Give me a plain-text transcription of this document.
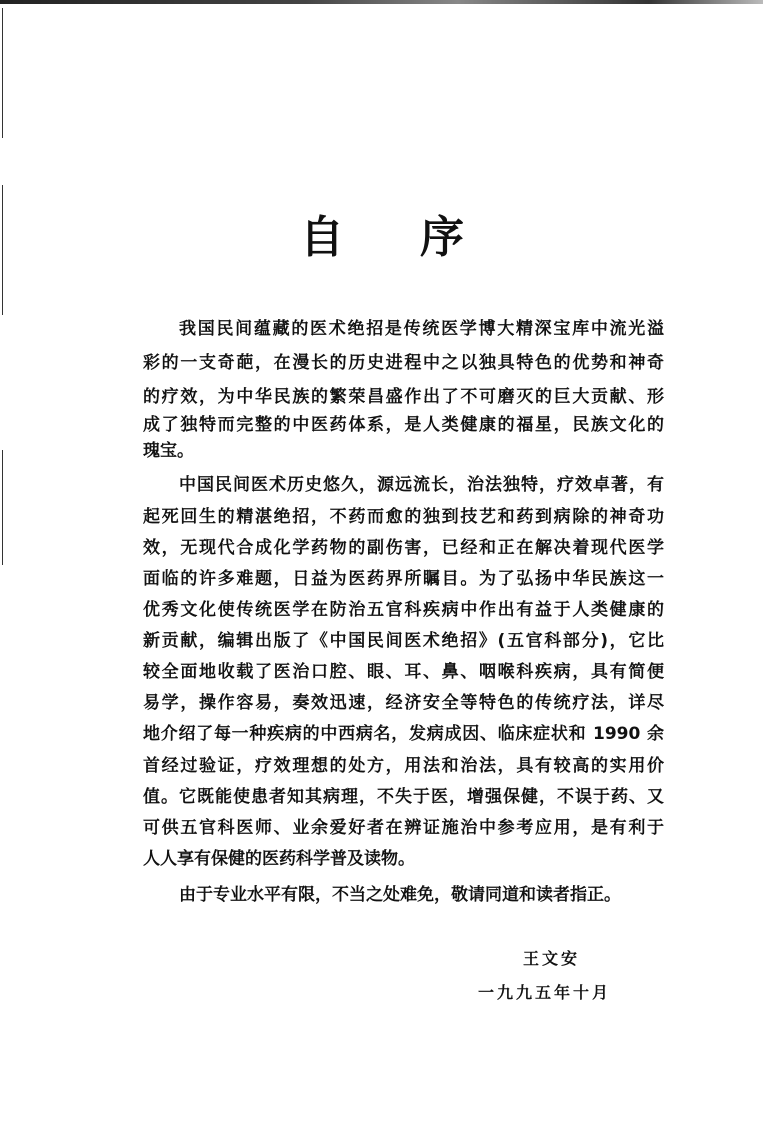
自 序
我国民间蕴藏的医术绝招是传统医学博大精深宝库中流光溢
彩的一支奇葩，在漫长的历史进程中之以独具特色的优势和神奇
的疗效，为中华民族的繁荣昌盛作出了不可磨灭的巨大贡献、形
成了独特而完整的中医药体系，是人类健康的福星，民族文化的
瑰宝。
中国民间医术历史悠久，源远流长，治法独特，疗效卓著，有
起死回生的精湛绝招，不药而愈的独到技艺和药到病除的神奇功
效，无现代合成化学药物的副伤害，已经和正在解决着现代医学
面临的许多难题，日益为医药界所瞩目。为了弘扬中华民族这一
优秀文化使传统医学在防治五官科疾病中作出有益于人类健康的
新贡献，编辑出版了《中国民间医术绝招》(五官科部分)，它比
较全面地收载了医治口腔、眼、耳、鼻、咽喉科疾病，具有简便
易学，操作容易，奏效迅速，经济安全等特色的传统疗法，详尽
地介绍了每一种疾病的中西病名，发病成因、临床症状和 1990 余
首经过验证，疗效理想的处方，用法和治法，具有较高的实用价
值。它既能使患者知其病理，不失于医，增强保健，不误于药、又
可供五官科医师、业余爱好者在辨证施治中参考应用，是有利于
人人享有保健的医药科学普及读物。
由于专业水平有限，不当之处难免，敬请同道和读者指正。
王文安
一九九五年十月
